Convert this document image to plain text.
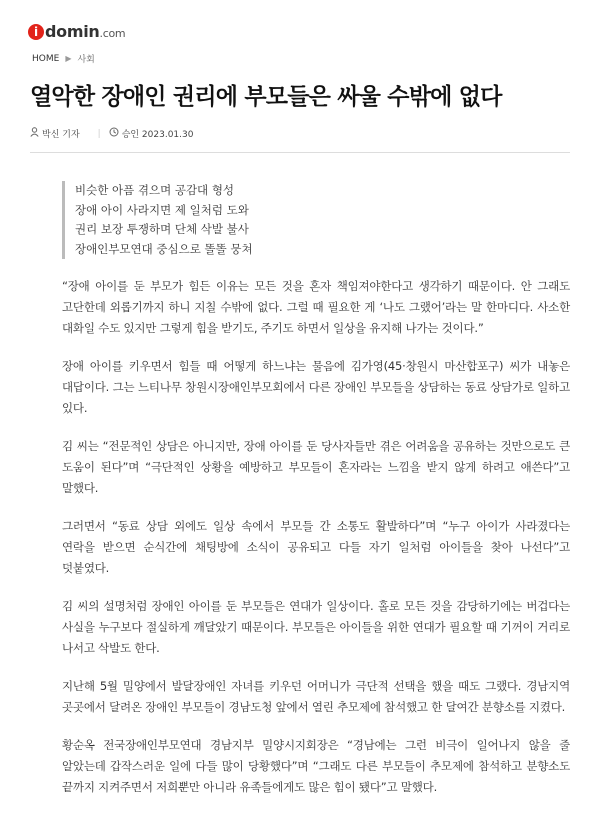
i domin.com
HOME ▶ 사회
열악한 장애인 권리에 부모들은 싸울 수밖에 없다
박신 기자 | 승인 2023.01.30
비슷한 아픔 겪으며 공감대 형성
장애 아이 사라지면 제 일처럼 도와
권리 보장 투쟁하며 단체 삭발 불사
장애인부모연대 중심으로 똘똘 뭉쳐

“장애 아이를 둔 부모가 힘든 이유는 모든 것을 혼자 책임져야한다고 생각하기 때문이다. 안 그래도 고단한데 외롭기까지 하니 지칠 수밖에 없다. 그럴 때 필요한 게 ‘나도 그랬어’라는 말 한마디다. 사소한 대화일 수도 있지만 그렇게 힘을 받기도, 주기도 하면서 일상을 유지해 나가는 것이다.”

장애 아이를 키우면서 힘들 때 어떻게 하느냐는 물음에 김가영(45·창원시 마산합포구) 씨가 내놓은 대답이다. 그는 느티나무 창원시장애인부모회에서 다른 장애인 부모들을 상담하는 동료 상담가로 일하고 있다.

김 씨는 “전문적인 상담은 아니지만, 장애 아이를 둔 당사자들만 겪은 어려움을 공유하는 것만으로도 큰 도움이 된다”며 “극단적인 상황을 예방하고 부모들이 혼자라는 느낌을 받지 않게 하려고 애쓴다”고 말했다.

그러면서 “동료 상담 외에도 일상 속에서 부모들 간 소통도 활발하다”며 “누구 아이가 사라졌다는 연락을 받으면 순식간에 채팅방에 소식이 공유되고 다들 자기 일처럼 아이들을 찾아 나선다”고 덧붙였다.

김 씨의 설명처럼 장애인 아이를 둔 부모들은 연대가 일상이다. 홀로 모든 것을 감당하기에는 버겁다는 사실을 누구보다 절실하게 깨달았기 때문이다. 부모들은 아이들을 위한 연대가 필요할 때 기꺼이 거리로 나서고 삭발도 한다.

지난해 5월 밀양에서 발달장애인 자녀를 키우던 어머니가 극단적 선택을 했을 때도 그랬다. 경남지역 곳곳에서 달려온 장애인 부모들이 경남도청 앞에서 열린 추모제에 참석했고 한 달여간 분향소를 지켰다.

황순옥 전국장애인부모연대 경남지부 밀양시지회장은 “경남에는 그런 비극이 일어나지 않을 줄 알았는데 갑작스러운 일에 다들 많이 당황했다”며 “그래도 다른 부모들이 추모제에 참석하고 분향소도 끝까지 지켜주면서 저희뿐만 아니라 유족들에게도 많은 힘이 됐다”고 말했다.
